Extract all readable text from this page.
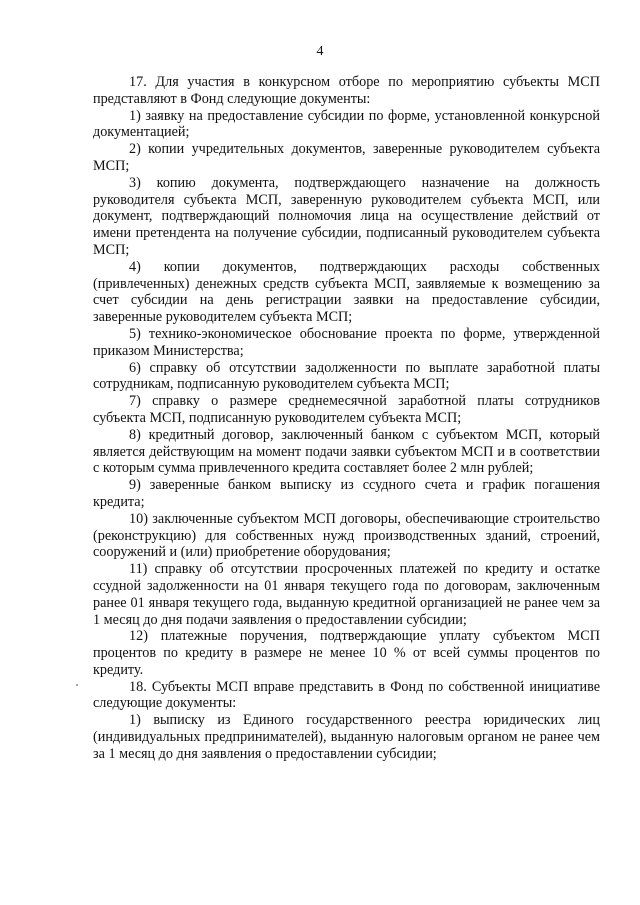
4

17. Для участия в конкурсном отборе по мероприятию субъекты МСП представляют в Фонд следующие документы:

1) заявку на предоставление субсидии по форме, установленной конкурсной документацией;

2) копии учредительных документов, заверенные руководителем субъекта МСП;

3) копию документа, подтверждающего назначение на должность руководителя субъекта МСП, заверенную руководителем субъекта МСП, или документ, подтверждающий полномочия лица на осуществление действий от имени претендента на получение субсидии, подписанный руководителем субъекта МСП;

4) копии документов, подтверждающих расходы собственных (привлеченных) денежных средств субъекта МСП, заявляемые к возмещению за счет субсидии на день регистрации заявки на предоставление субсидии, заверенные руководителем субъекта МСП;

5) технико-экономическое обоснование проекта по форме, утвержденной приказом Министерства;

6) справку об отсутствии задолженности по выплате заработной платы сотрудникам, подписанную руководителем субъекта МСП;

7) справку о размере среднемесячной заработной платы сотрудников субъекта МСП, подписанную руководителем субъекта МСП;

8) кредитный договор, заключенный банком с субъектом МСП, который является действующим на момент подачи заявки субъектом МСП и в соответствии с которым сумма привлеченного кредита составляет более 2 млн рублей;

9) заверенные банком выписку из ссудного счета и график погашения кредита;

10) заключенные субъектом МСП договоры, обеспечивающие строительство (реконструкцию) для собственных нужд производственных зданий, строений, сооружений и (или) приобретение оборудования;

11) справку об отсутствии просроченных платежей по кредиту и остатке ссудной задолженности на 01 января текущего года по договорам, заключенным ранее 01 января текущего года, выданную кредитной организацией не ранее чем за 1 месяц до дня подачи заявления о предоставлении субсидии;

12) платежные поручения, подтверждающие уплату субъектом МСП процентов по кредиту в размере не менее 10 % от всей суммы процентов по кредиту.

18. Субъекты МСП вправе представить в Фонд по собственной инициативе следующие документы:

1) выписку из Единого государственного реестра юридических лиц (индивидуальных предпринимателей), выданную налоговым органом не ранее чем за 1 месяц до дня заявления о предоставлении субсидии;
